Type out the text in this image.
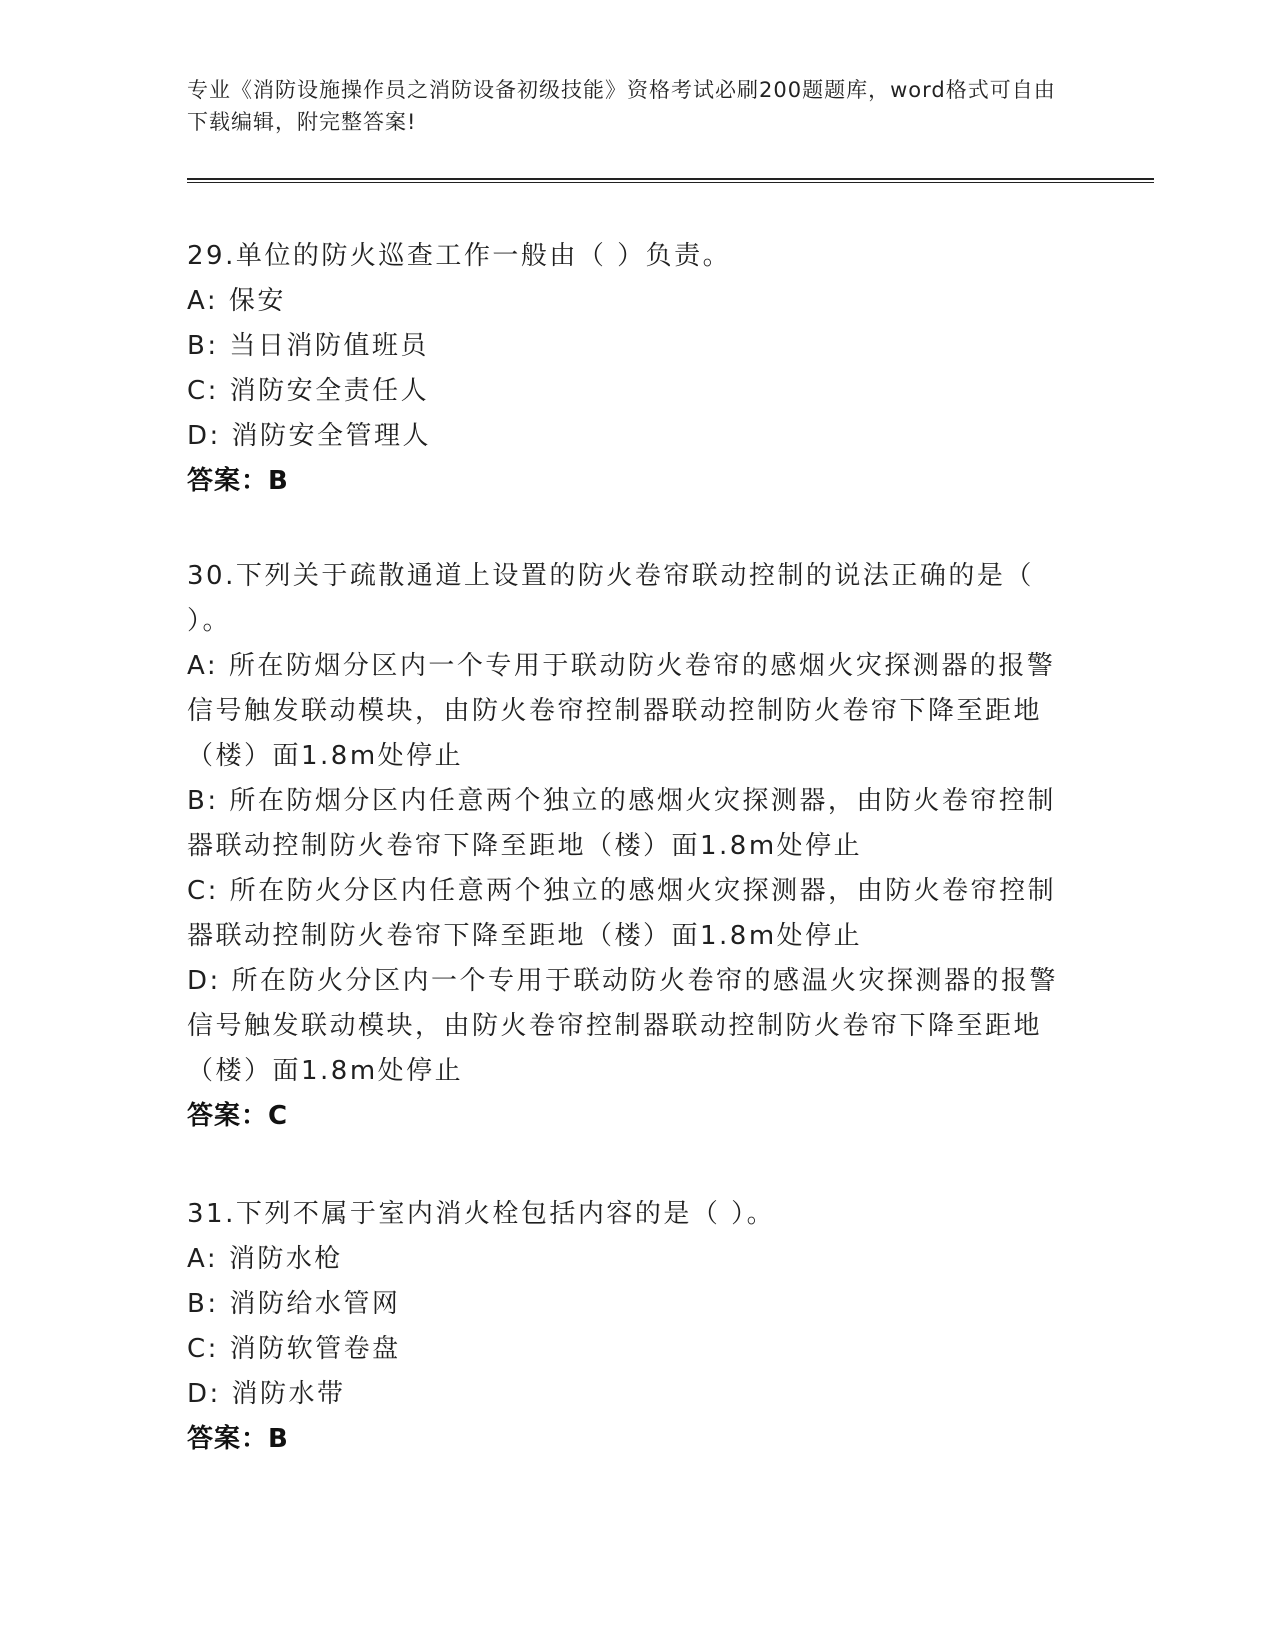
专业《消防设施操作员之消防设备初级技能》资格考试必刷200题题库，word格式可自由下载编辑，附完整答案!
29.单位的防火巡查工作一般由（ ）负责。
A: 保安
B: 当日消防值班员
C: 消防安全责任人
D: 消防安全管理人
答案：B
30.下列关于疏散通道上设置的防火卷帘联动控制的说法正确的是（ ）。
A: 所在防烟分区内一个专用于联动防火卷帘的感烟火灾探测器的报警信号触发联动模块，由防火卷帘控制器联动控制防火卷帘下降至距地（楼）面1.8m处停止
B: 所在防烟分区内任意两个独立的感烟火灾探测器，由防火卷帘控制器联动控制防火卷帘下降至距地（楼）面1.8m处停止
C: 所在防火分区内任意两个独立的感烟火灾探测器，由防火卷帘控制器联动控制防火卷帘下降至距地（楼）面1.8m处停止
D: 所在防火分区内一个专用于联动防火卷帘的感温火灾探测器的报警信号触发联动模块，由防火卷帘控制器联动控制防火卷帘下降至距地（楼）面1.8m处停止
答案：C
31.下列不属于室内消火栓包括内容的是（ ）。
A: 消防水枪
B: 消防给水管网
C: 消防软管卷盘
D: 消防水带
答案：B
